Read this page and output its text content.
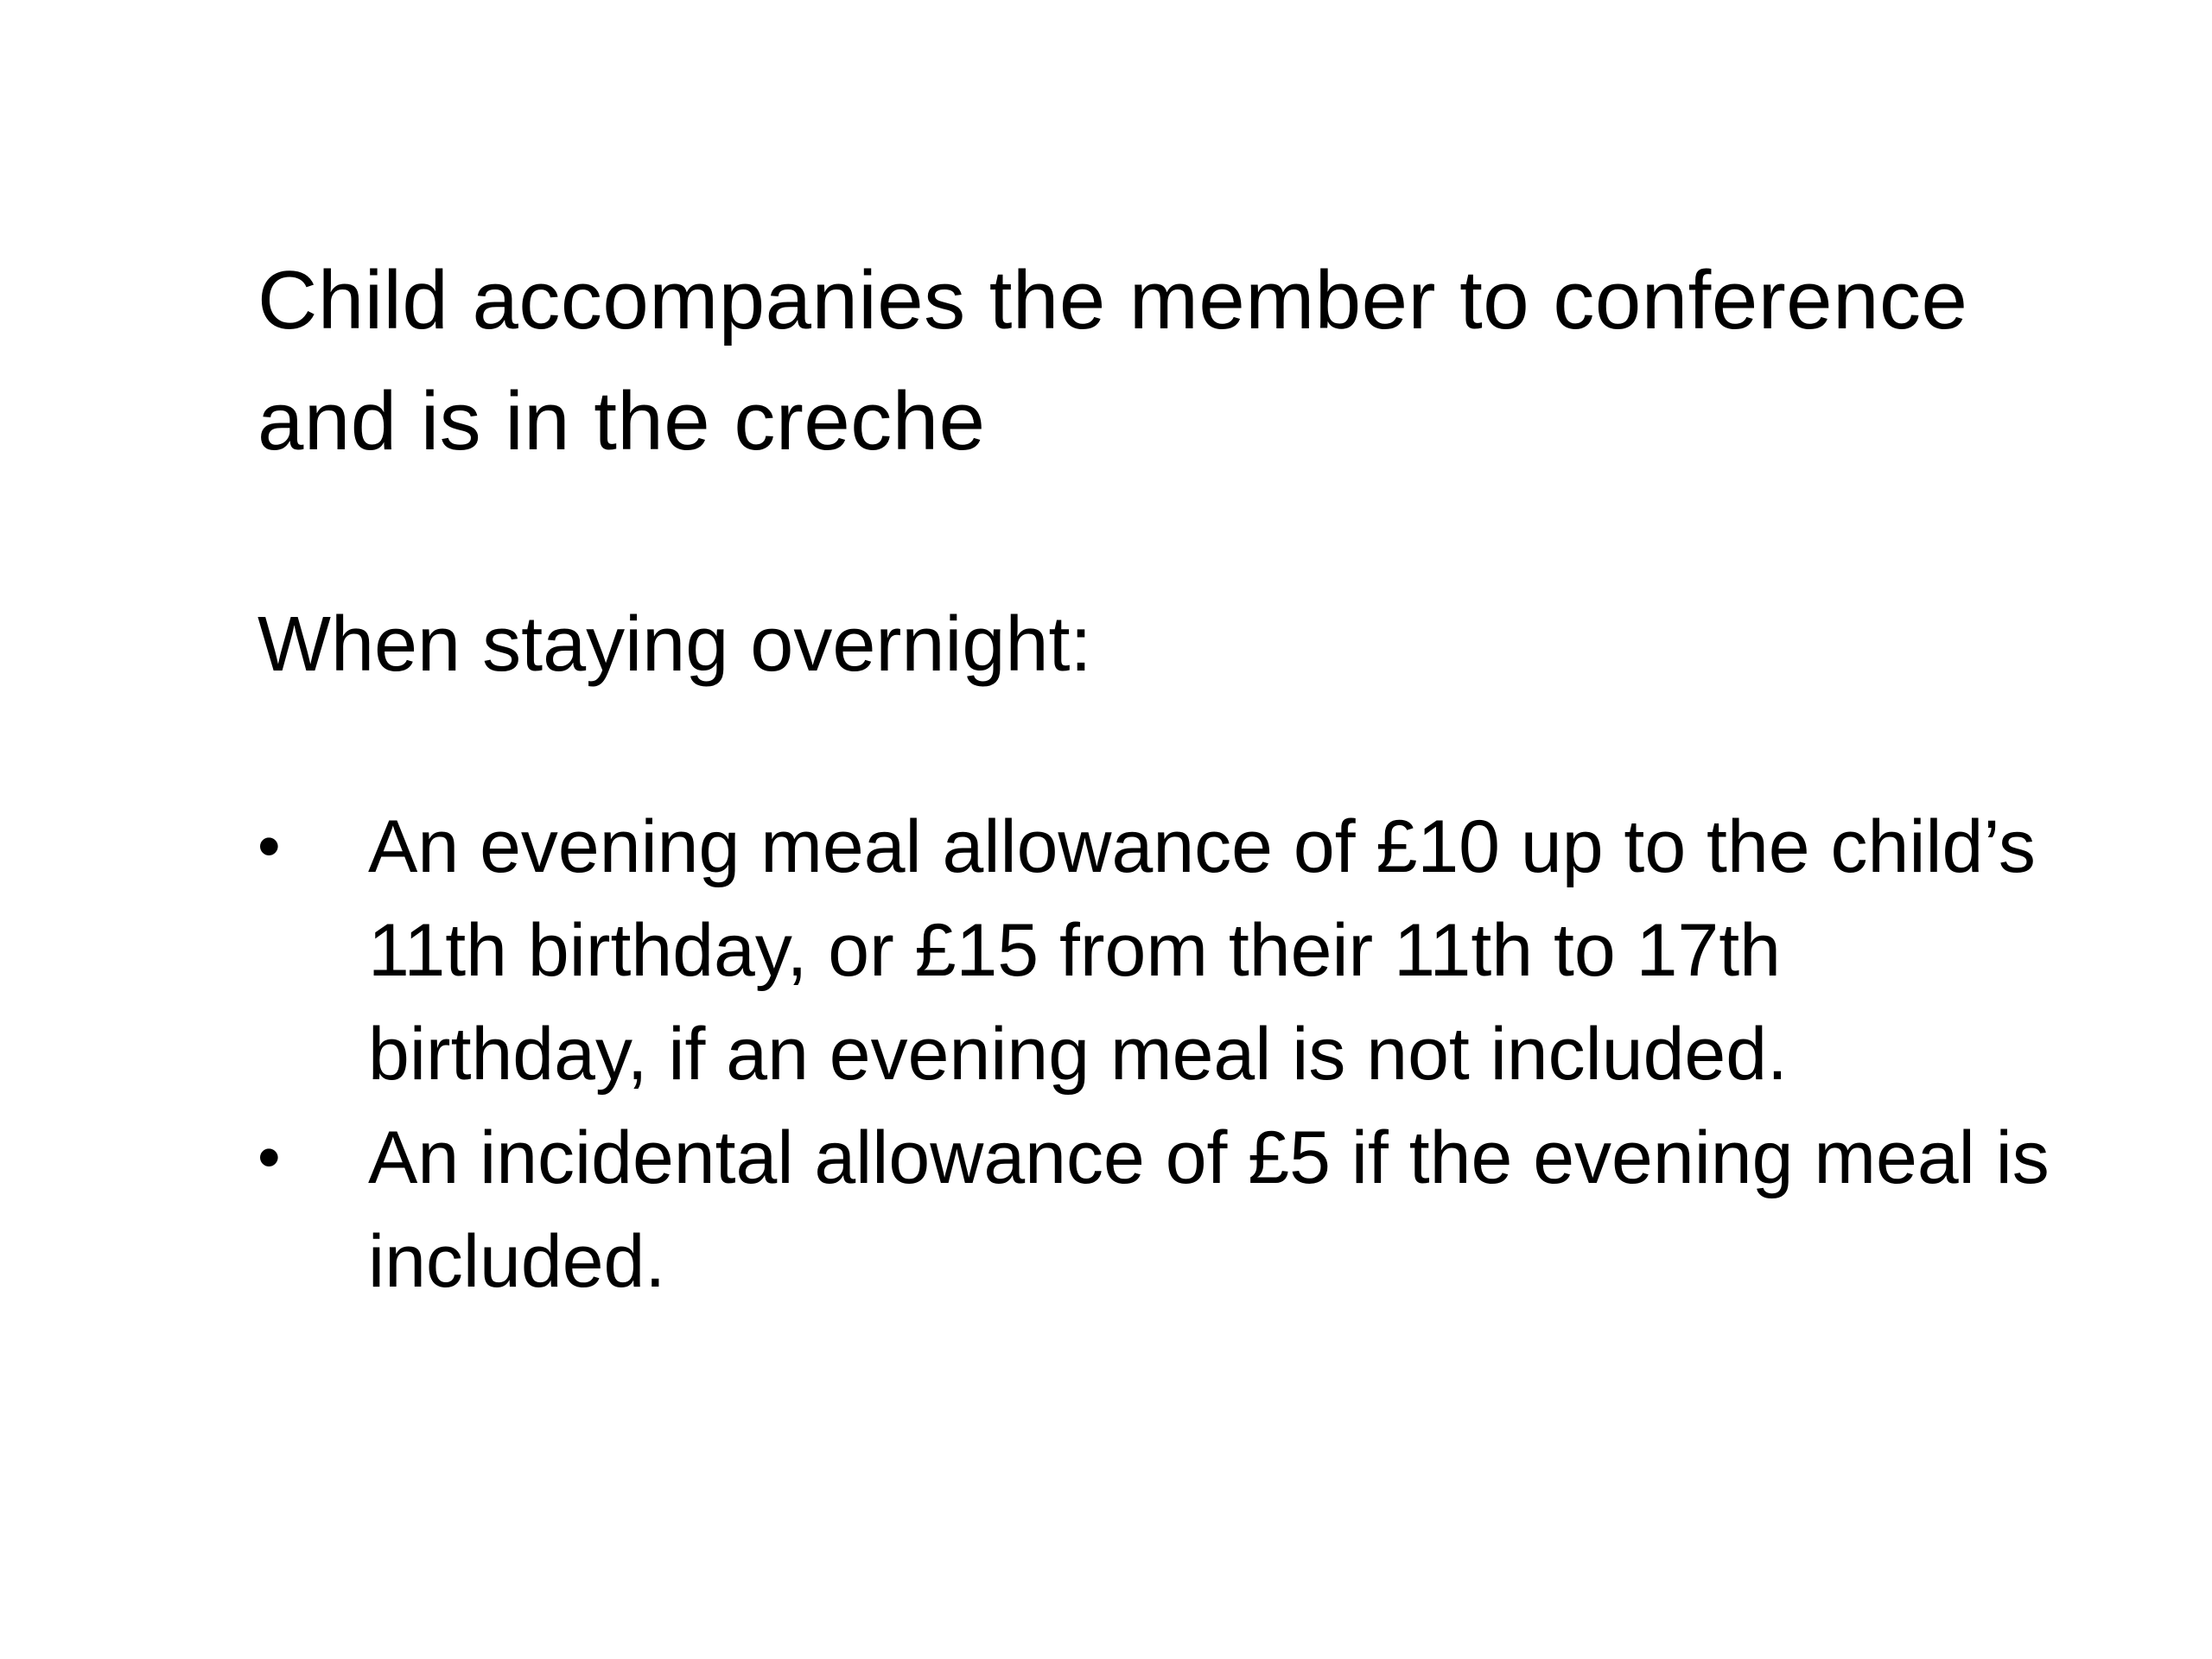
Child accompanies the member to conference and is in the creche
When staying overnight:
• An evening meal allowance of £10 up to the child’s 11th birthday, or £15 from their 11th to 17th birthday, if an evening meal is not included.
• An incidental allowance of £5 if the evening meal is included.
